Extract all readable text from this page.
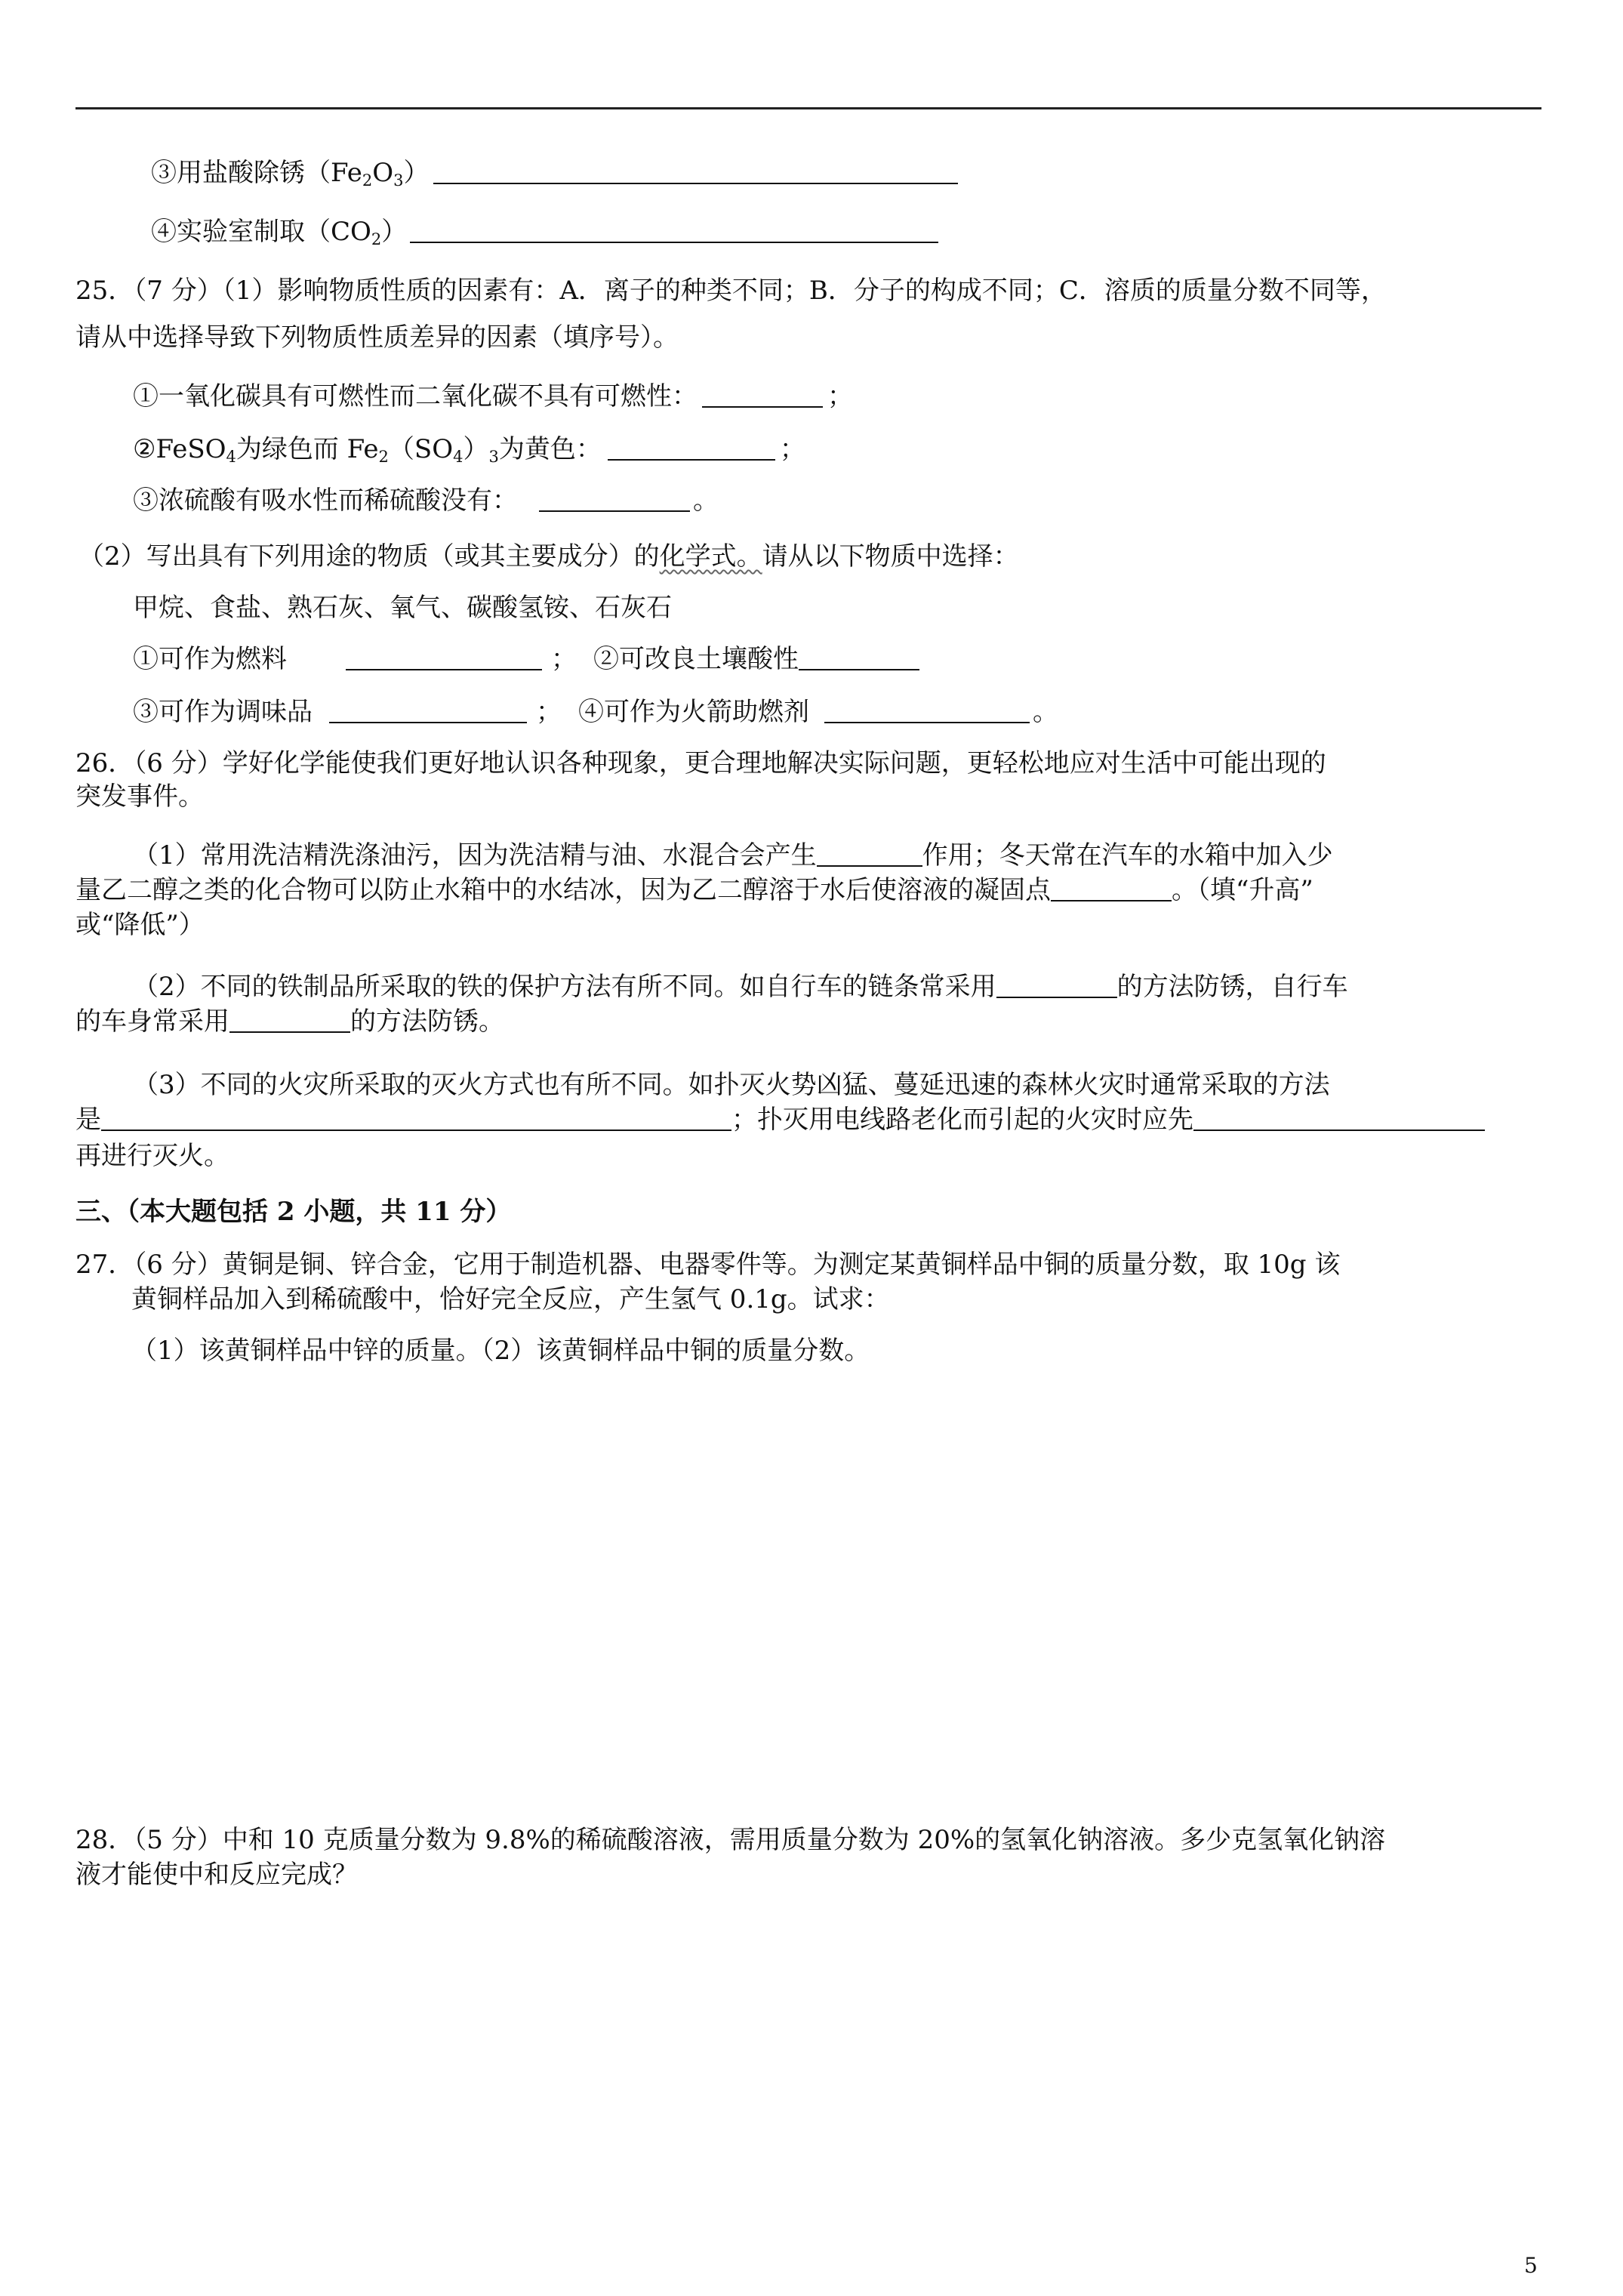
③用盐酸除锈$(Fe_2O_3)$
④实验室制取$(CO_2)$
25．（7 分）（1）影响物质性质的因素有：A．离子的种类不同；B．分子的构成不同；C．溶质的质量分数不同等，
请从中选择导致下列物质性质差异的因素（填序号）。
①一氧化碳具有可燃性而二氧化碳不具有可燃性：	；
②FeSO$_4$为绿色而 $Fe_2(SO_4)_3$为黄色：	；
③浓硫酸有吸水性而稀硫酸没有：	。
（2）写出具有下列用途的物质（或其主要成分）的化学式。请从以下物质中选择：
甲烷、食盐、熟石灰、氧气、碳酸氢铵、石灰石
①可作为燃料	； ②可改良土壤酸性
③可作为调味品	； ④可作为火箭助燃剂	。
26．（6 分）学好化学能使我们更好地认识各种现象，更合理地解决实际问题，更轻松地应对生活中可能出现的
突发事件。
（1）常用洗洁精洗涤油污，因为洗洁精与油、水混合会产生	作用；冬天常在汽车的水箱中加入少
量乙二醇之类的化合物可以防止水箱中的水结冰，因为乙二醇溶于水后使溶液的凝固点	。（填“升高”
或“降低”）
（2）不同的铁制品所采取的铁的保护方法有所不同。如自行车的链条常采用	的方法防锈，自行车
的车身常采用	的方法防锈。
（3）不同的火灾所采取的灭火方式也有所不同。如扑灭火势凶猛、蔓延迅速的森林火灾时通常采取的方法
是	；扑灭用电线路老化而引起的火灾时应先
再进行灭火。
三、（本大题包括 2 小题，共 11 分）
27．（6 分）黄铜是铜、锌合金，它用于制造机器、电器零件等。为测定某黄铜样品中铜的质量分数，取 10g 该
黄铜样品加入到稀硫酸中，恰好完全反应，产生氢气 0.1g。试求：
（1）该黄铜样品中锌的质量。（2）该黄铜样品中铜的质量分数。
28．（5 分）中和 10 克质量分数为 9.8%的稀硫酸溶液，需用质量分数为 20%的氢氧化钠溶液。多少克氢氧化钠溶
液才能使中和反应完成？
5
